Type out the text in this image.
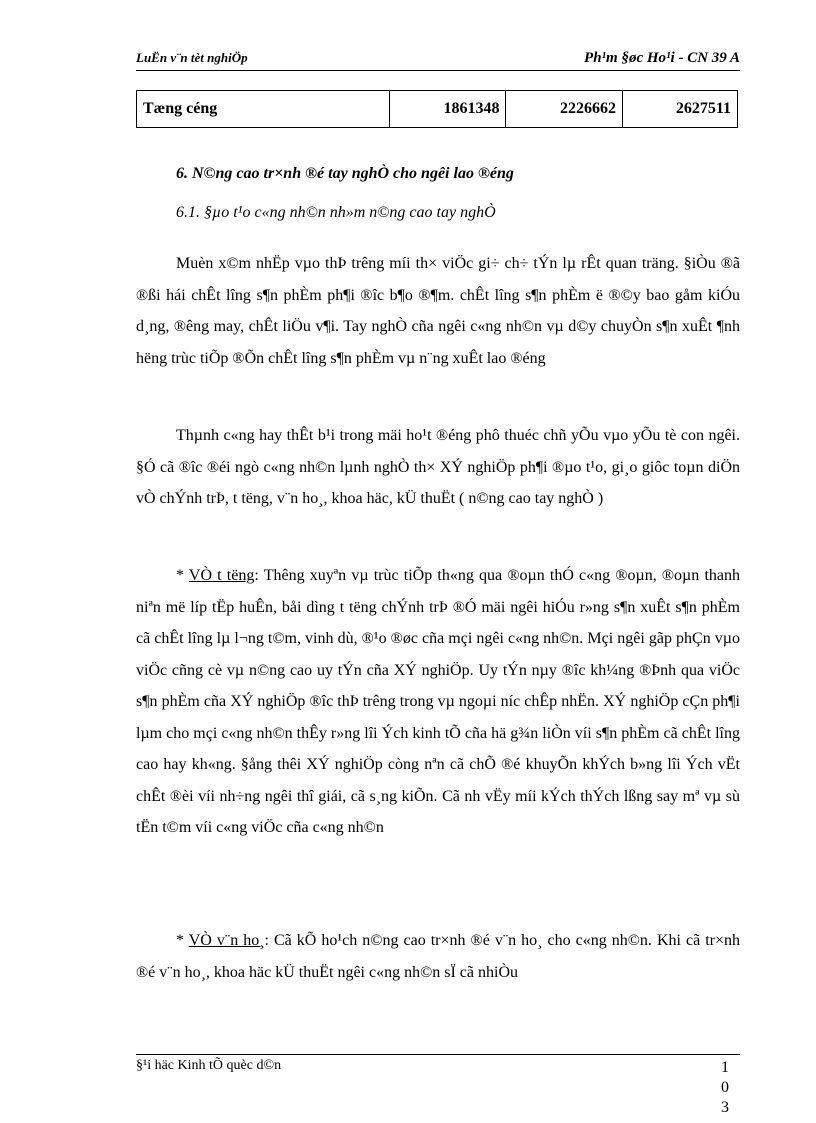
LuËn v¨n tèt nghiÖp	Ph¹m §øc Ho¹i - CN 39 A
Tæng céng	1861348	2226662	2627511
6. N©ng cao tr×nh ®é tay nghÒ cho ngêi lao ®éng
6.1. §µo t¹o c«ng nh©n nh»m n©ng cao tay nghÒ

Muèn x©m nhËp vµo thÞ trêng míi th× viÖc gi÷ ch÷ tÝn lµ rÊt quan träng. §iÒu ®ã ®ßi hái chÊt lîng s¶n phÈm ph¶i ®îc b¶o ®¶m. chÊt lîng s¶n phÈm ë ®©y bao gåm kiÓu d¸ng, ®êng may, chÊt liÖu v¶i. Tay nghÒ cña ngêi c«ng nh©n vµ d©y chuyÒn s¶n xuÊt ¶nh hëng trùc tiÕp ®Õn chÊt lîng s¶n phÈm vµ n¨ng xuÊt lao ®éng

Thµnh c«ng hay thÊt b¹i trong mäi ho¹t ®éng phô thuéc chñ yÕu vµo yÕu tè con ngêi. §Ó cã ®îc ®éi ngò c«ng nh©n lµnh nghÒ th× XÝ nghiÖp ph¶i ®µo t¹o, gi¸o giôc toµn diÖn vÒ chÝnh trÞ, t tëng, v¨n ho¸, khoa häc, kÜ thuËt ( n©ng cao tay nghÒ )

* VÒ t tëng: Thêng xuyªn vµ trùc tiÕp th«ng qua ®oµn thÓ c«ng ®oµn, ®oµn thanh niªn më líp tËp huÊn, båi dìng t tëng chÝnh trÞ ®Ó mäi ngêi hiÓu r»ng s¶n xuÊt s¶n phÈm cã chÊt lîng lµ l¬ng t©m, vinh dù, ®¹o ®øc cña mçi ngêi c«ng nh©n. Mçi ngêi gãp phÇn vµo viÖc cñng cè vµ n©ng cao uy tÝn cña XÝ nghiÖp. Uy tÝn nµy ®îc kh¼ng ®Þnh qua viÖc s¶n phÈm cña XÝ nghiÖp ®îc thÞ trêng trong vµ ngoµi níc chÊp nhËn. XÝ nghiÖp cÇn ph¶i lµm cho mçi c«ng nh©n thÊy r»ng lîi Ých kinh tÕ cña hä g¾n liÒn víi s¶n phÈm cã chÊt lîng cao hay kh«ng. §ång thêi XÝ nghiÖp còng nªn cã chÕ ®é khuyÕn khÝch b»ng lîi Ých vËt chÊt ®èi víi nh÷ng ngêi thî giái, cã s¸ng kiÕn. Cã nh vËy míi kÝch thÝch lßng say mª vµ sù tËn t©m víi c«ng viÖc cña c«ng nh©n

* VÒ v¨n ho¸: Cã kÕ ho¹ch n©ng cao tr×nh ®é v¨n ho¸ cho c«ng nh©n. Khi cã tr×nh ®é v¨n ho¸, khoa häc kÜ thuËt ngêi c«ng nh©n sÏ cã nhiÒu

§¹i häc Kinh tÕ quèc d©n	1
0
3
